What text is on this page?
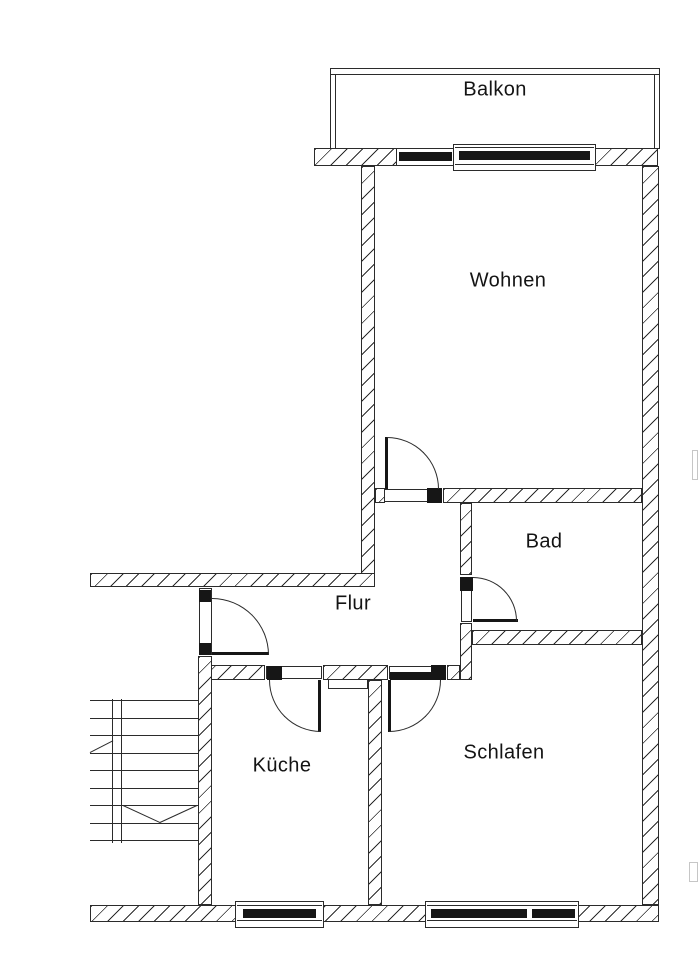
Balkon
Wohnen
Bad
Flur
Küche
Schlafen
